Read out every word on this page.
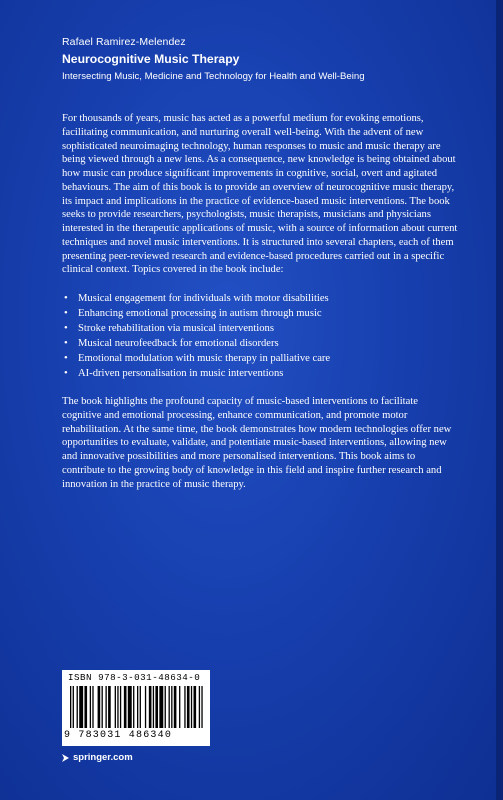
Rafael Ramirez-Melendez
Neurocognitive Music Therapy
Intersecting Music, Medicine and Technology for Health and Well-Being

For thousands of years, music has acted as a powerful medium for evoking emotions, facilitating communication, and nurturing overall well-being. With the advent of new sophisticated neuroimaging technology, human responses to music and music therapy are being viewed through a new lens. As a consequence, new knowledge is being obtained about how music can produce significant improvements in cognitive, social, overt and agitated behaviours. The aim of this book is to provide an overview of neurocognitive music therapy, its impact and implications in the practice of evidence-based music interventions. The book seeks to provide researchers, psychologists, music therapists, musicians and physicians interested in the therapeutic applications of music, with a source of information about current techniques and novel music interventions. It is structured into several chapters, each of them presenting peer-reviewed research and evidence-based procedures carried out in a specific clinical context. Topics covered in the book include:

• Musical engagement for individuals with motor disabilities
• Enhancing emotional processing in autism through music
• Stroke rehabilitation via musical interventions
• Musical neurofeedback for emotional disorders
• Emotional modulation with music therapy in palliative care
• AI-driven personalisation in music interventions

The book highlights the profound capacity of music-based interventions to facilitate cognitive and emotional processing, enhance communication, and promote motor rehabilitation. At the same time, the book demonstrates how modern technologies offer new opportunities to evaluate, validate, and potentiate music-based interventions, allowing new and innovative possibilities and more personalised interventions. This book aims to contribute to the growing body of knowledge in this field and inspire further research and innovation in the practice of music therapy.

ISBN 978-3-031-48634-0
9 783031 486340
springer.com
